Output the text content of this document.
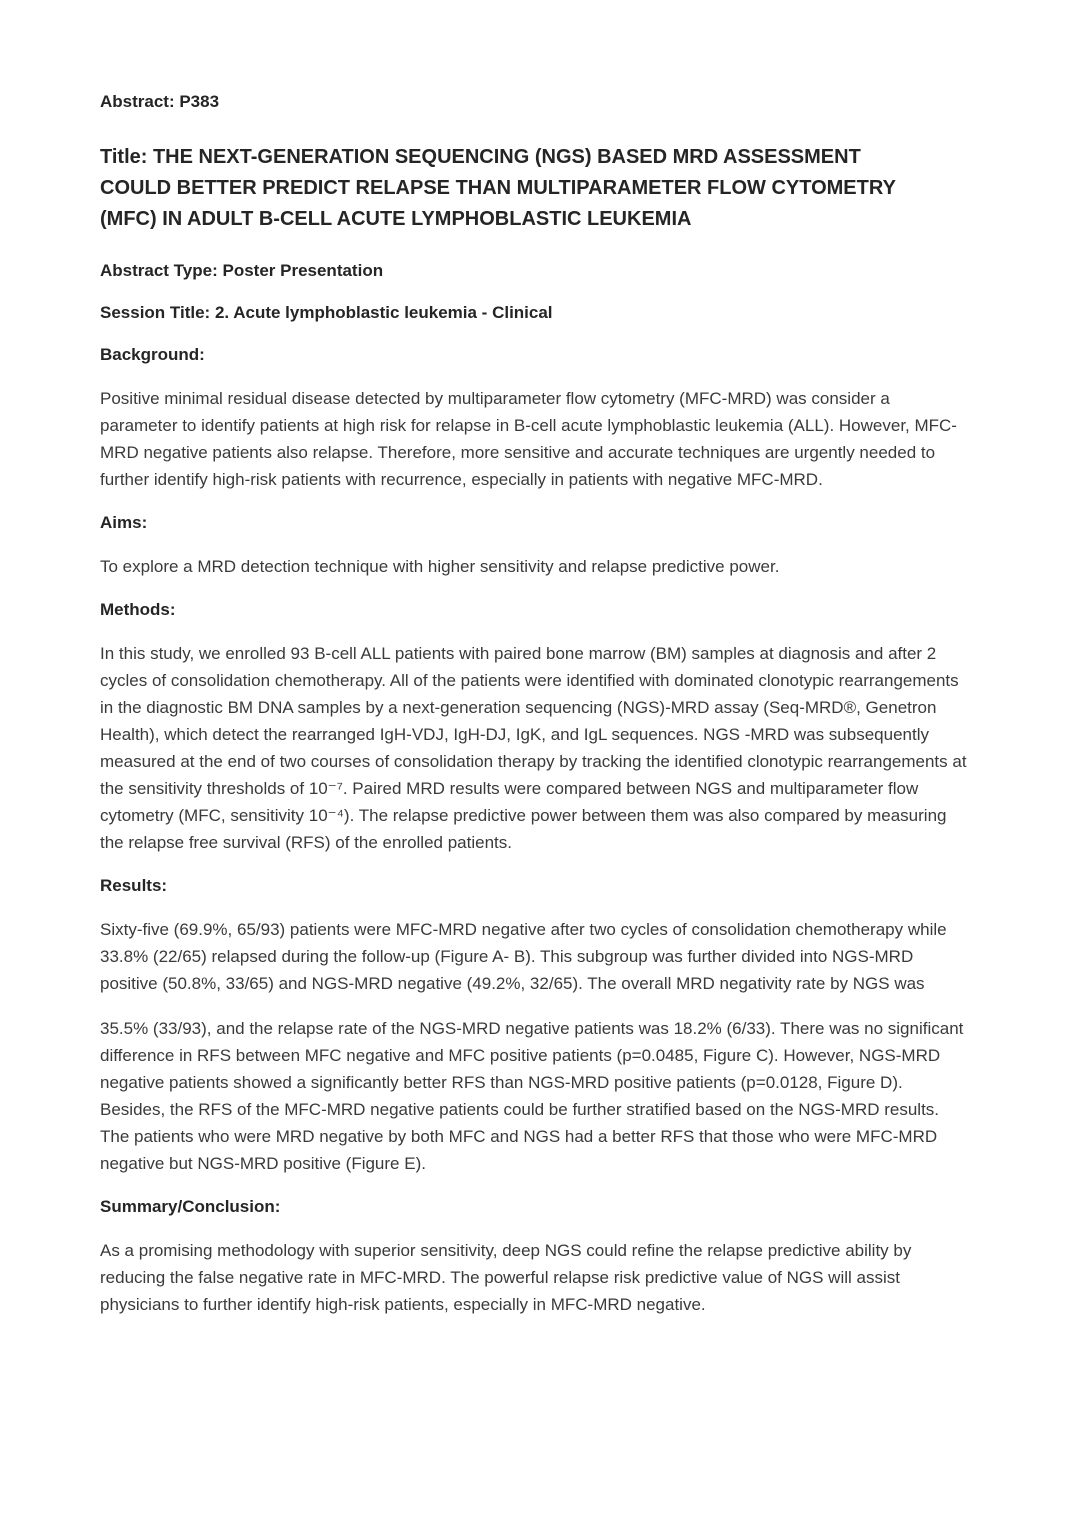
Abstract: P383
Title: THE NEXT-GENERATION SEQUENCING (NGS) BASED MRD ASSESSMENT COULD BETTER PREDICT RELAPSE THAN MULTIPARAMETER FLOW CYTOMETRY (MFC) IN ADULT B-CELL ACUTE LYMPHOBLASTIC LEUKEMIA
Abstract Type: Poster Presentation
Session Title: 2. Acute lymphoblastic leukemia - Clinical
Background:

Positive minimal residual disease detected by multiparameter flow cytometry (MFC-MRD) was consider a parameter to identify patients at high risk for relapse in B-cell acute lymphoblastic leukemia (ALL). However, MFC-MRD negative patients also relapse. Therefore, more sensitive and accurate techniques are urgently needed to further identify high-risk patients with recurrence, especially in patients with negative MFC-MRD.

Aims:

To explore a MRD detection technique with higher sensitivity and relapse predictive power.

Methods:

In this study, we enrolled 93 B-cell ALL patients with paired bone marrow (BM) samples at diagnosis and after 2 cycles of consolidation chemotherapy. All of the patients were identified with dominated clonotypic rearrangements in the diagnostic BM DNA samples by a next-generation sequencing (NGS)-MRD assay (Seq-MRD®, Genetron Health), which detect the rearranged IgH-VDJ, IgH-DJ, IgK, and IgL sequences. NGS -MRD was subsequently measured at the end of two courses of consolidation therapy by tracking the identified clonotypic rearrangements at the sensitivity thresholds of 10⁻⁷. Paired MRD results were compared between NGS and multiparameter flow cytometry (MFC, sensitivity 10⁻⁴). The relapse predictive power between them was also compared by measuring the relapse free survival (RFS) of the enrolled patients.

Results:

Sixty-five (69.9%, 65/93) patients were MFC-MRD negative after two cycles of consolidation chemotherapy while 33.8% (22/65) relapsed during the follow-up (Figure A- B). This subgroup was further divided into NGS-MRD positive (50.8%, 33/65) and NGS-MRD negative (49.2%, 32/65). The overall MRD negativity rate by NGS was

35.5% (33/93), and the relapse rate of the NGS-MRD negative patients was 18.2% (6/33). There was no significant difference in RFS between MFC negative and MFC positive patients (p=0.0485, Figure C). However, NGS-MRD negative patients showed a significantly better RFS than NGS-MRD positive patients (p=0.0128, Figure D). Besides, the RFS of the MFC-MRD negative patients could be further stratified based on the NGS-MRD results. The patients who were MRD negative by both MFC and NGS had a better RFS that those who were MFC-MRD negative but NGS-MRD positive (Figure E).

Summary/Conclusion:

As a promising methodology with superior sensitivity, deep NGS could refine the relapse predictive ability by reducing the false negative rate in MFC-MRD. The powerful relapse risk predictive value of NGS will assist physicians to further identify high-risk patients, especially in MFC-MRD negative.
